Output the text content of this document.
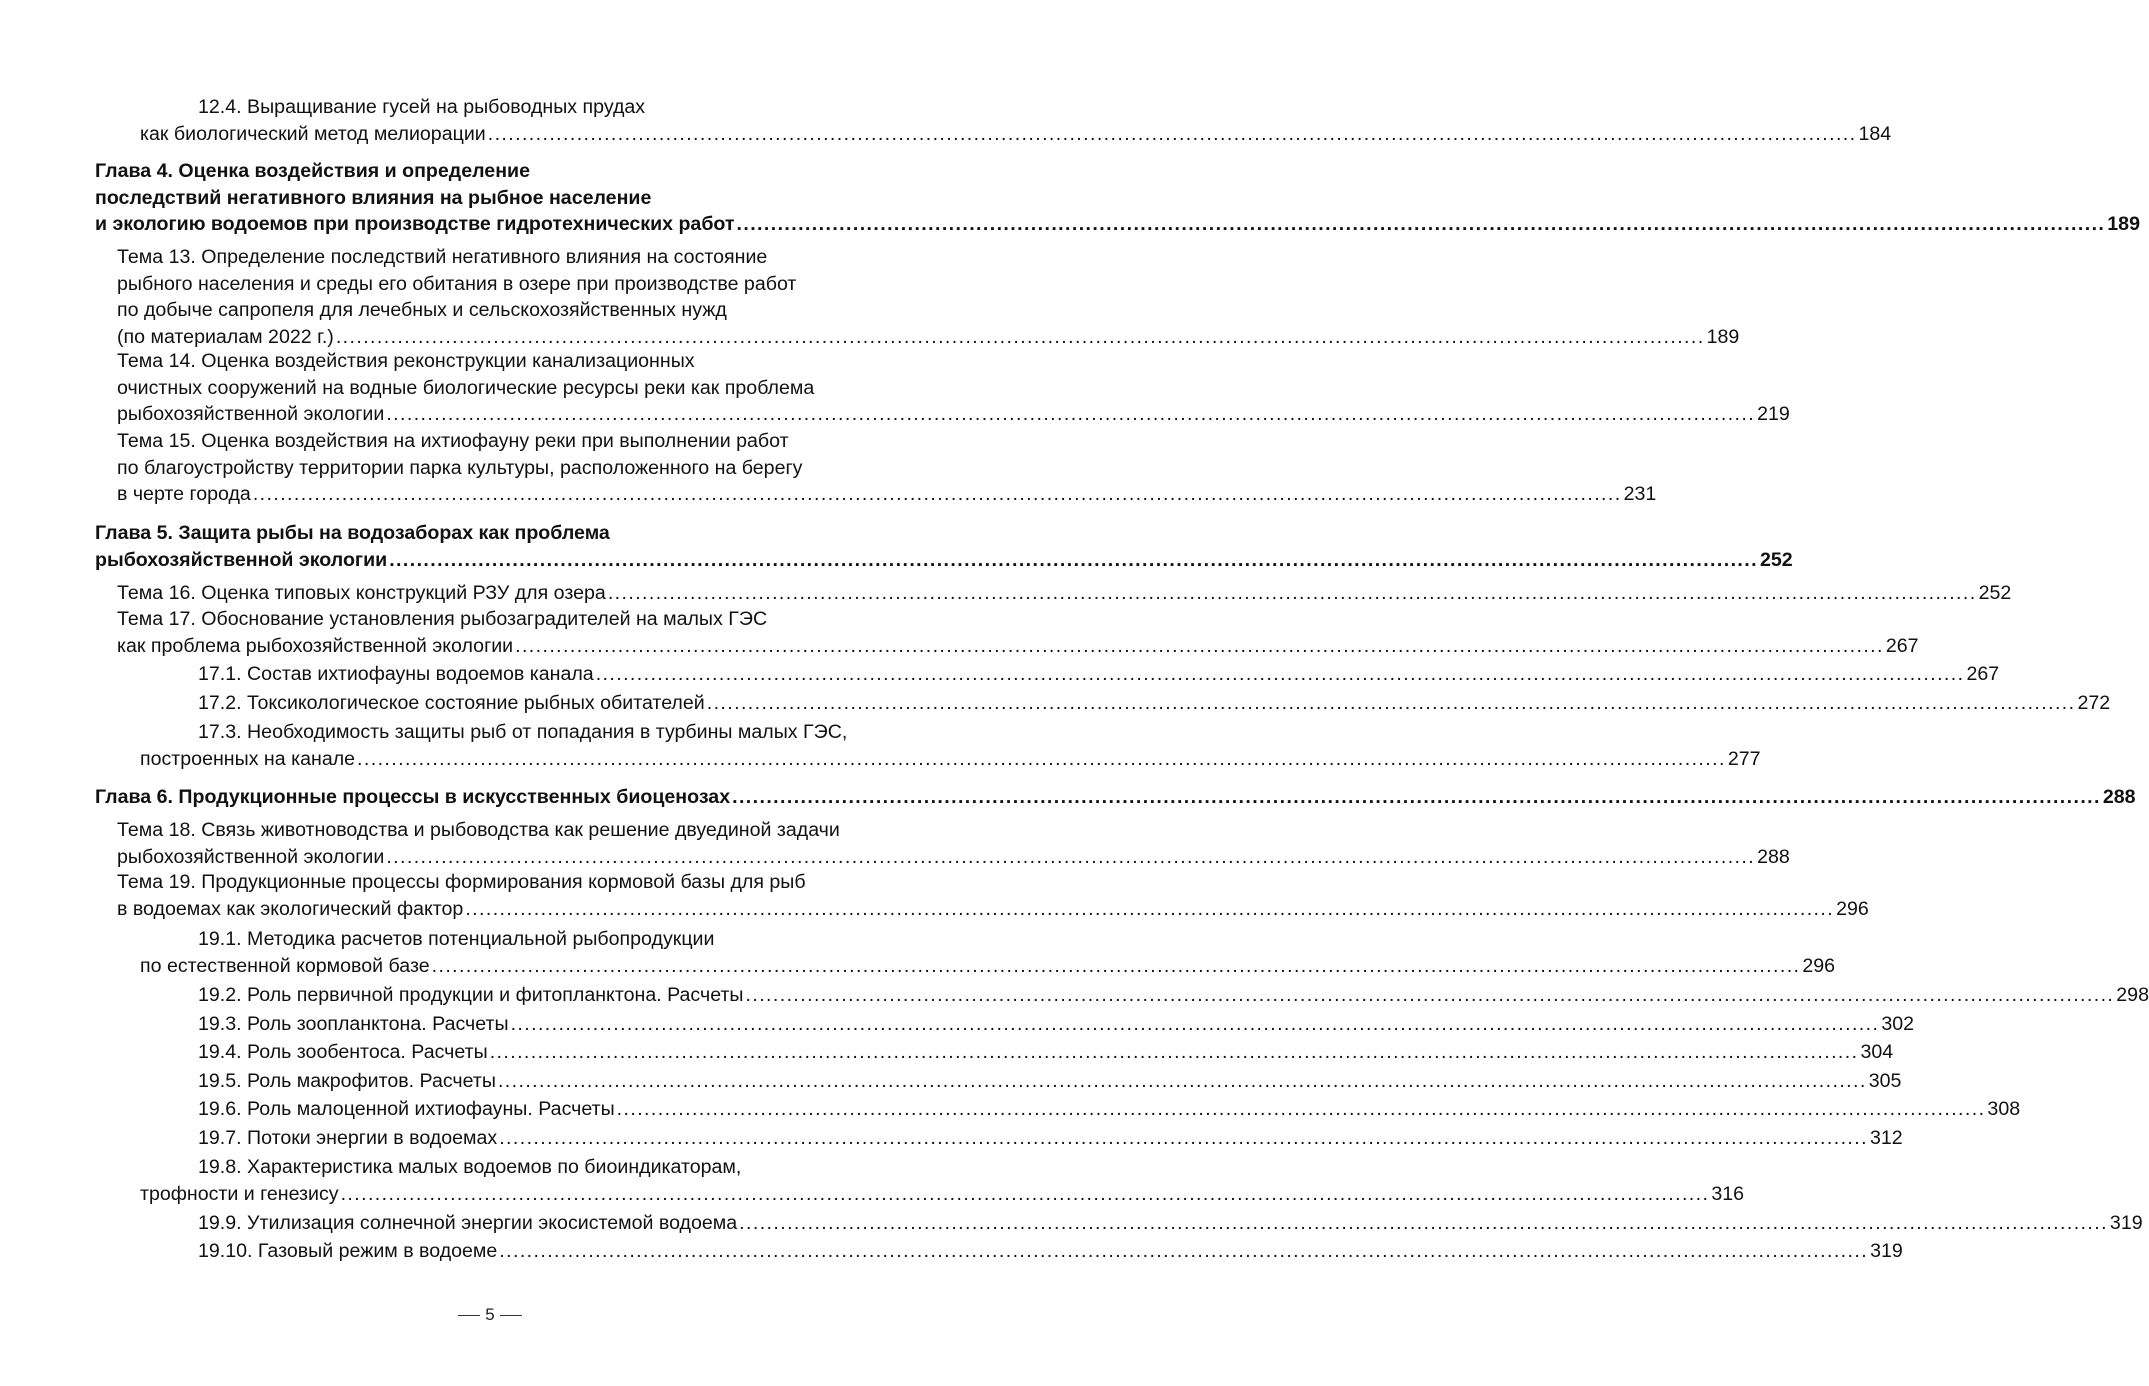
12.4. Выращивание гусей на рыбоводных прудах
как биологический метод мелиорации ........................................................................................................................................................................................................ 184
Глава 4. Оценка воздействия и определение
последствий негативного влияния на рыбное население
и экологию водоемов при производстве гидротехнических работ ........................................................................................................................................................................................................ 189
Тема 13. Определение последствий негативного влияния на состояние
рыбного населения и среды его обитания в озере при производстве работ
по добыче сапропеля для лечебных и сельскохозяйственных нужд
(по материалам 2022 г.) ........................................................................................................................................................................................................ 189
Тема 14. Оценка воздействия реконструкции канализационных
очистных сооружений на водные биологические ресурсы реки как проблема
рыбохозяйственной экологии ........................................................................................................................................................................................................ 219
Тема 15. Оценка воздействия на ихтиофауну реки при выполнении работ
по благоустройству территории парка культуры, расположенного на берегу
в черте города ........................................................................................................................................................................................................ 231
Глава 5. Защита рыбы на водозаборах как проблема
рыбохозяйственной экологии ........................................................................................................................................................................................................ 252
Тема 16. Оценка типовых конструкций РЗУ для озера ........................................................................................................................................................................................................ 252
Тема 17. Обоснование установления рыбозаградителей на малых ГЭС
как проблема рыбохозяйственной экологии ........................................................................................................................................................................................................ 267
17.1. Состав ихтиофауны водоемов канала ........................................................................................................................................................................................................ 267
17.2. Токсикологическое состояние рыбных обитателей ........................................................................................................................................................................................................ 272
17.3. Необходимость защиты рыб от попадания в турбины малых ГЭС,
построенных на канале ........................................................................................................................................................................................................ 277
Глава 6. Продукционные процессы в искусственных биоценозах ........................................................................................................................................................................................................ 288
Тема 18. Связь животноводства и рыбоводства как решение двуединой задачи
рыбохозяйственной экологии ........................................................................................................................................................................................................ 288
Тема 19. Продукционные процессы формирования кормовой базы для рыб
в водоемах как экологический фактор ........................................................................................................................................................................................................ 296
19.1. Методика расчетов потенциальной рыбопродукции
по естественной кормовой базе ........................................................................................................................................................................................................ 296
19.2. Роль первичной продукции и фитопланктона. Расчеты ........................................................................................................................................................................................................ 298
19.3. Роль зоопланктона. Расчеты ........................................................................................................................................................................................................ 302
19.4. Роль зообентоса. Расчеты ........................................................................................................................................................................................................ 304
19.5. Роль макрофитов. Расчеты ........................................................................................................................................................................................................ 305
19.6. Роль малоценной ихтиофауны. Расчеты ........................................................................................................................................................................................................ 308
19.7. Потоки энергии в водоемах ........................................................................................................................................................................................................ 312
19.8. Характеристика малых водоемов по биоиндикаторам,
трофности и генезису ........................................................................................................................................................................................................ 316
19.9. Утилизация солнечной энергии экосистемой водоема ........................................................................................................................................................................................................ 319
19.10. Газовый режим в водоеме ........................................................................................................................................................................................................ 319
5
